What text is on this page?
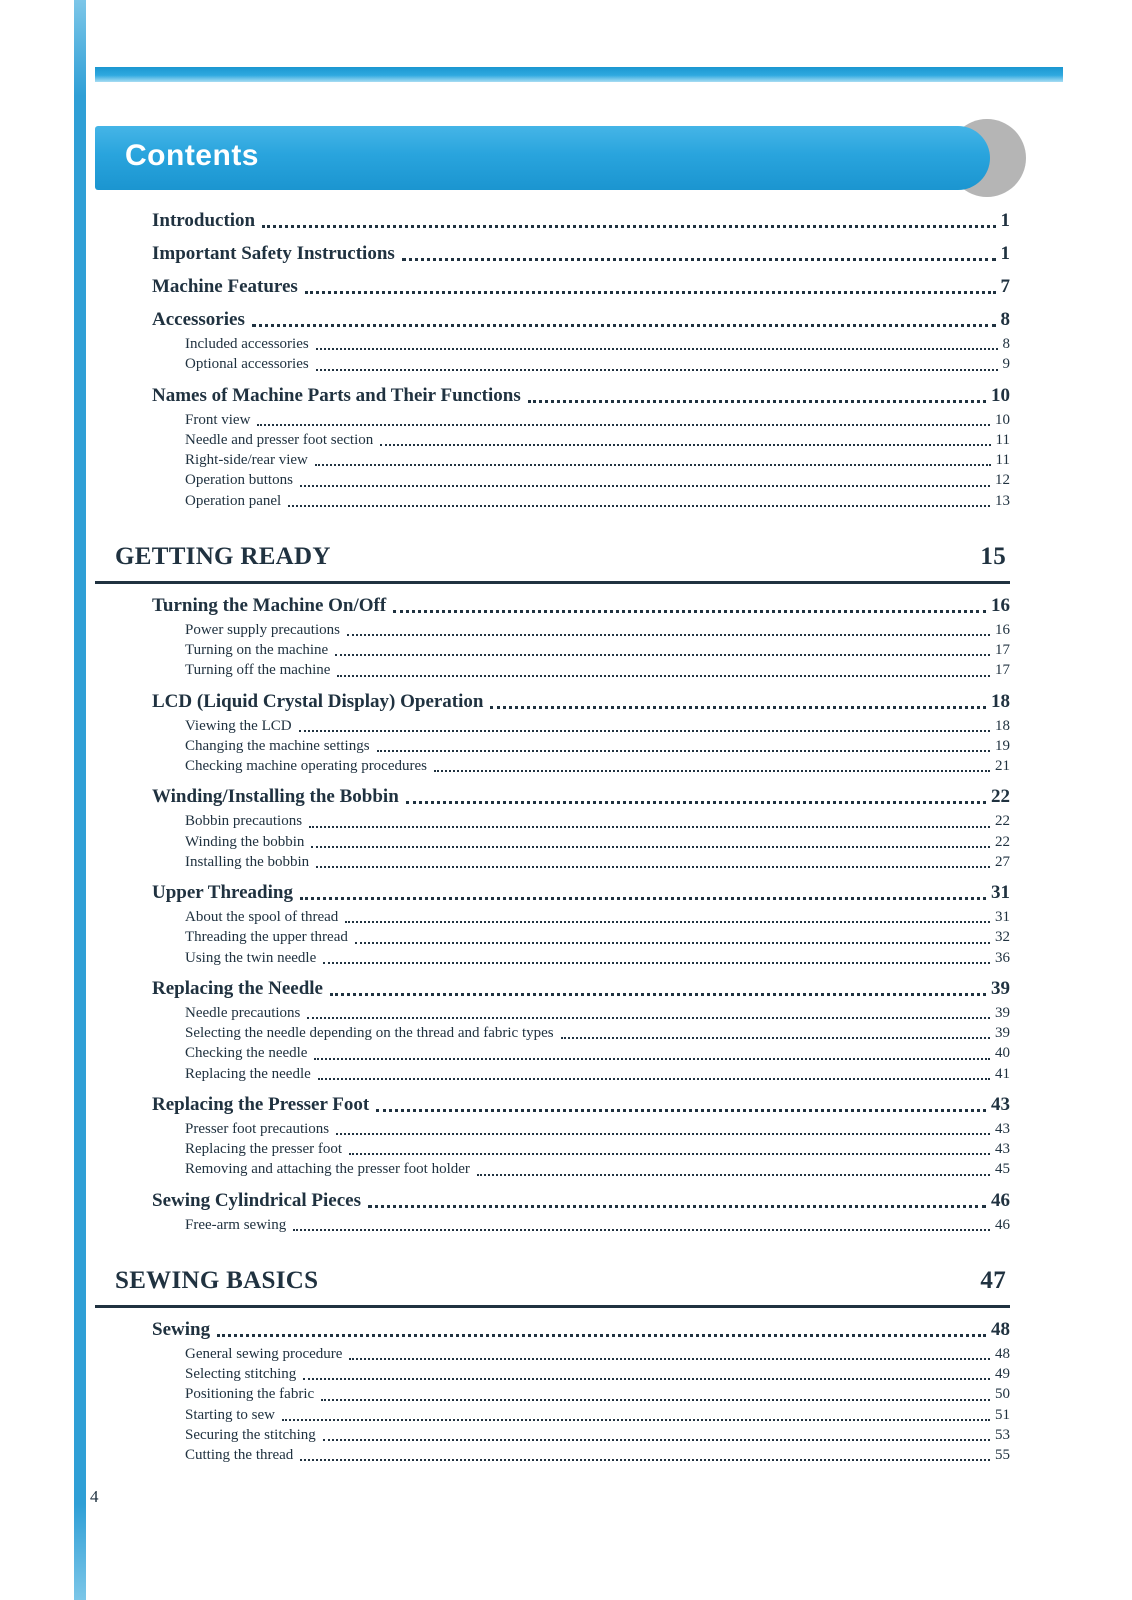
Contents
Introduction	1
Important Safety Instructions	1
Machine Features	7
Accessories	8
Included accessories	8
Optional accessories	9
Names of Machine Parts and Their Functions	10
Front view	10
Needle and presser foot section	11
Right-side/rear view	11
Operation buttons	12
Operation panel	13
GETTING READY	15
Turning the Machine On/Off	16
Power supply precautions	16
Turning on the machine	17
Turning off the machine	17
LCD (Liquid Crystal Display) Operation	18
Viewing the LCD	18
Changing the machine settings	19
Checking machine operating procedures	21
Winding/Installing the Bobbin	22
Bobbin precautions	22
Winding the bobbin	22
Installing the bobbin	27
Upper Threading	31
About the spool of thread	31
Threading the upper thread	32
Using the twin needle	36
Replacing the Needle	39
Needle precautions	39
Selecting the needle depending on the thread and fabric types	39
Checking the needle	40
Replacing the needle	41
Replacing the Presser Foot	43
Presser foot precautions	43
Replacing the presser foot	43
Removing and attaching the presser foot holder	45
Sewing Cylindrical Pieces	46
Free-arm sewing	46
SEWING BASICS	47
Sewing	48
General sewing procedure	48
Selecting stitching	49
Positioning the fabric	50
Starting to sew	51
Securing the stitching	53
Cutting the thread	55
4
